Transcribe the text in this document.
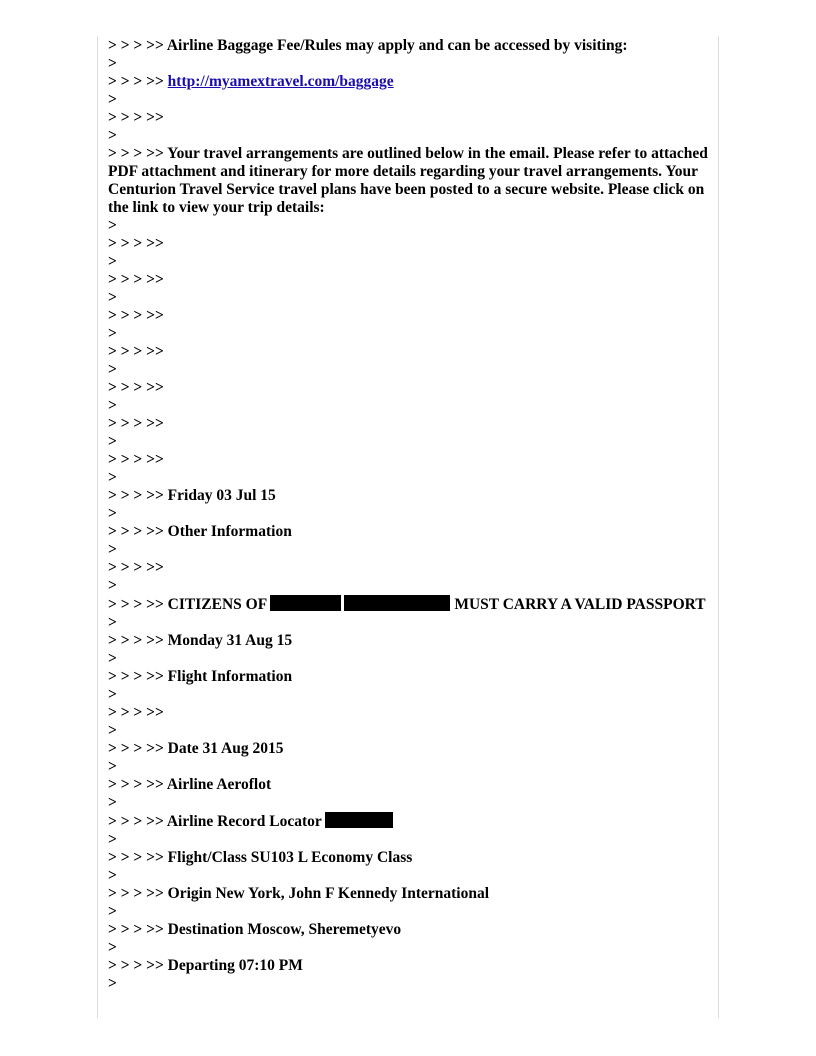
> > > >> Airline Baggage Fee/Rules may apply and can be accessed by visiting:
>
> > > >> http://myamextravel.com/baggage
>
> > > >>
>
> > > >> Your travel arrangements are outlined below in the email. Please refer to attached PDF attachment and itinerary for more details regarding your travel arrangements. Your Centurion Travel Service travel plans have been posted to a secure website. Please click on the link to view your trip details:
>
> > > >>
>
> > > >>
>
> > > >>
>
> > > >>
>
> > > >>
>
> > > >>
>
> > > >>
>
> > > >> Friday 03 Jul 15
>
> > > >> Other Information
>
> > > >>
>
> > > >> CITIZENS OF	MUST CARRY A VALID PASSPORT
>
> > > >> Monday 31 Aug 15
>
> > > >> Flight Information
>
> > > >>
>
> > > >> Date 31 Aug 2015
>
> > > >> Airline Aeroflot
>
> > > >> Airline Record Locator
>
> > > >> Flight/Class SU103 L Economy Class
>
> > > >> Origin New York, John F Kennedy International
>
> > > >> Destination Moscow, Sheremetyevo
>
> > > >> Departing 07:10 PM
>
